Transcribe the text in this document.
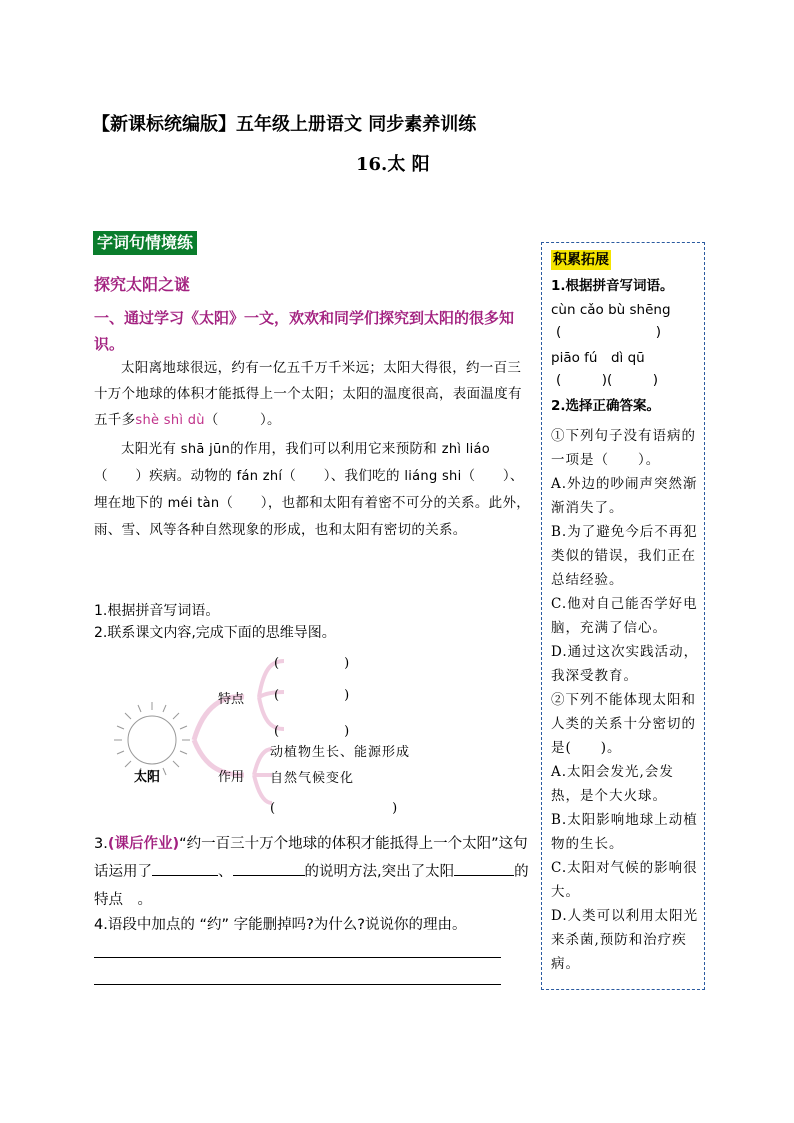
【新课标统编版】五年级上册语文 同步素养训练
16.太 阳
字词句情境练
探究太阳之谜
一、通过学习《太阳》一文，欢欢和同学们探究到太阳的很多知识。

太阳离地球很远，约有一亿五千万千米远；太阳大得很，约一百三十万个地球的体积才能抵得上一个太阳；太阳的温度很高，表面温度有五千多shè shì dù（　　　）。

太阳光有 shā jūn的作用，我们可以利用它来预防和 zhì liáo（　　）疾病。动物的 fán zhí（　　）、我们吃的 liáng shi（　　）、埋在地下的 méi tàn（　　），也都和太阳有着密不可分的关系。此外，雨、雪、风等各种自然现象的形成，也和太阳有密切的关系。

1.根据拼音写词语。
2.联系课文内容,完成下面的思维导图。
太阳
特点
作用
(　　　　　)
(　　　　　)
(　　　　　)
动植物生长、能源形成
自然气候变化
(　　　　　　　　　)
3.(课后作业)“约一百三十万个地球的体积才能抵得上一个太阳”这句话运用了	、	的说明方法,突出了太阳	的特点　。
4.语段中加点的 “约” 字能删掉吗?为什么?说说你的理由。
积累拓展
1.根据拼音写词语。
cùn cǎo bù shēng
(　　　　　　　)
piāo fú　dì qū
(　　　)(　　　)
2.选择正确答案。
①下列句子没有语病的一项是（　　）。
A.外边的吵闹声突然渐渐消失了。
B.为了避免今后不再犯类似的错误，我们正在总结经验。
C.他对自己能否学好电脑，充满了信心。
D.通过这次实践活动，我深受教育。
②下列不能体现太阳和人类的关系十分密切的是(　　)。
A.太阳会发光,会发热，是个大火球。
B.太阳影响地球上动植物的生长。
C.太阳对气候的影响很大。
D.人类可以利用太阳光来杀菌,预防和治疗疾病。
